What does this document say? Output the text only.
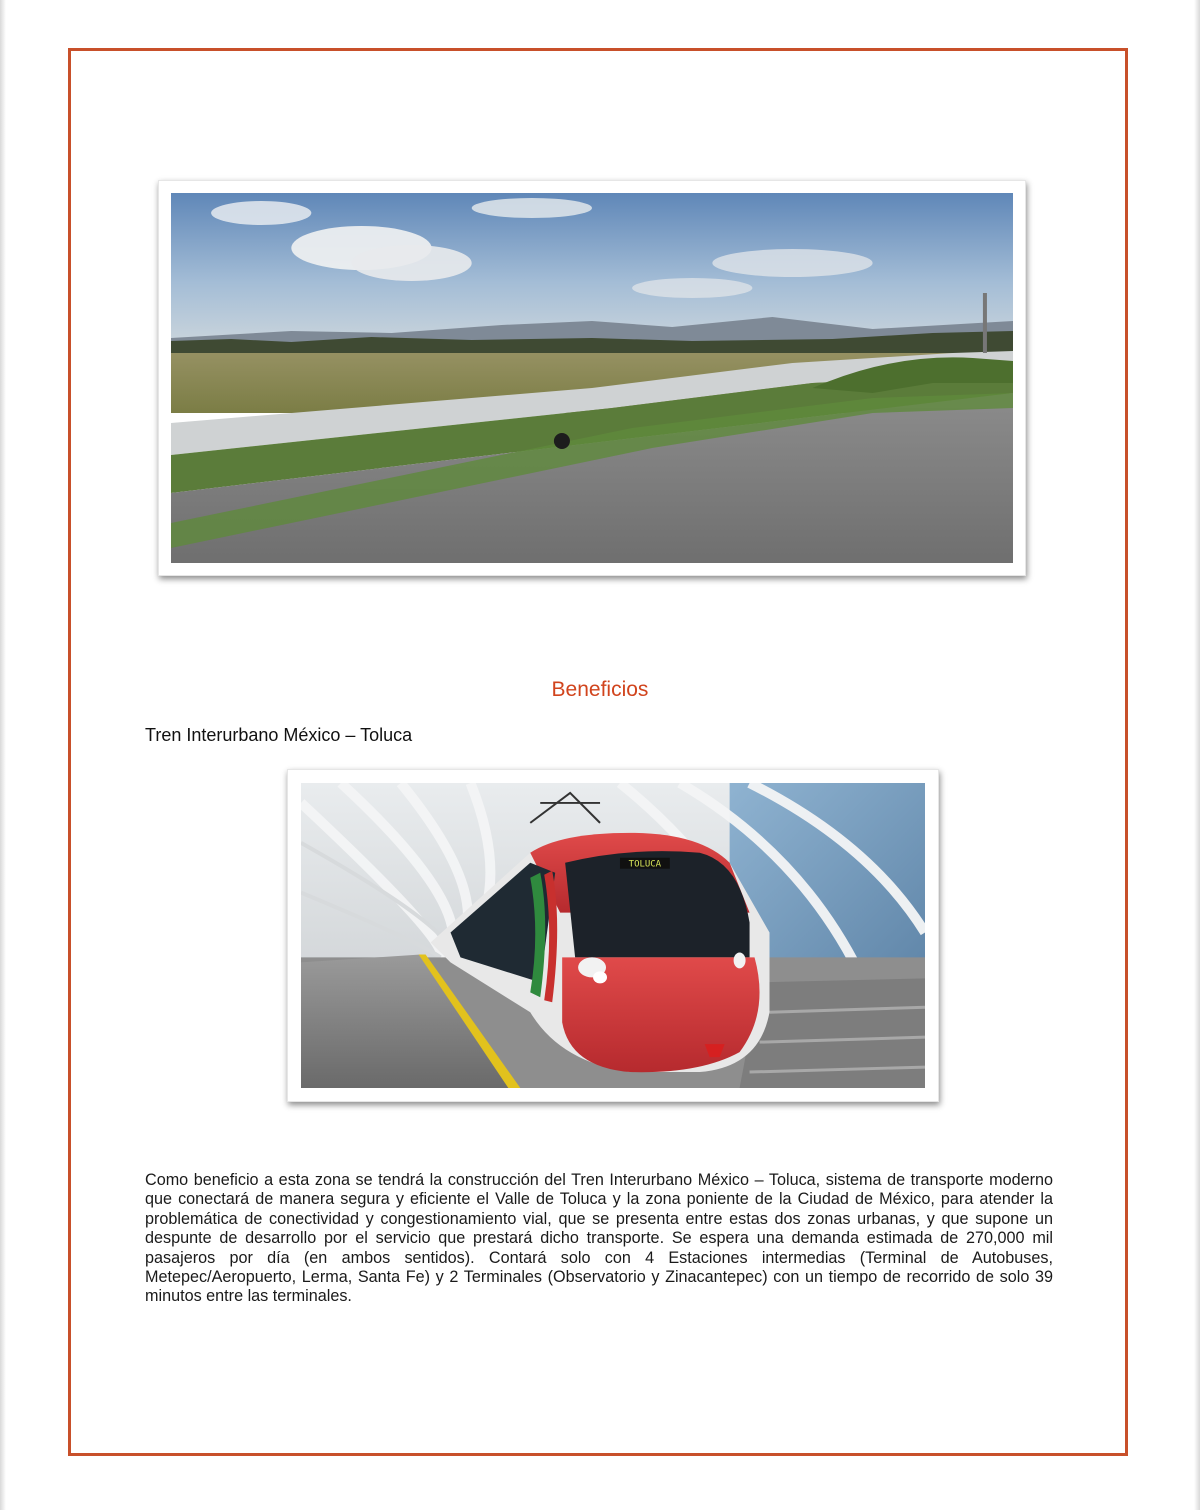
Beneficios
Tren Interurbano México – Toluca
TOLUCA

Como beneficio a esta zona se tendrá la construcción del Tren Interurbano México – Toluca, sistema de transporte moderno que conectará de manera segura y eficiente el Valle de Toluca y la zona poniente de la Ciudad de México, para atender la problemática de conectividad y congestionamiento vial, que se presenta entre estas dos zonas urbanas, y que supone un despunte de desarrollo por el servicio que prestará dicho transporte. Se espera una demanda estimada de 270,000 mil pasajeros por día (en ambos sentidos). Contará solo con 4 Estaciones intermedias (Terminal de Autobuses, Metepec/Aeropuerto, Lerma, Santa Fe) y 2 Terminales (Observatorio y Zinacantepec) con un tiempo de recorrido de solo 39 minutos entre las terminales.
